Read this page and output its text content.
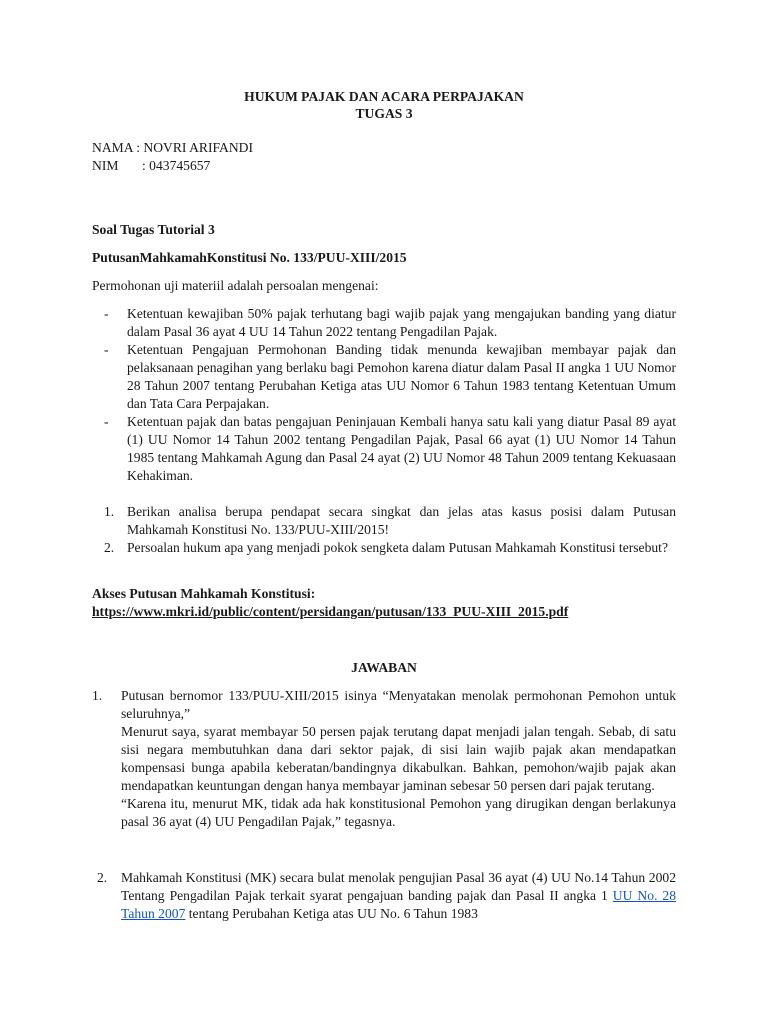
HUKUM PAJAK DAN ACARA PERPAJAKAN
TUGAS 3
NAMA : NOVRI ARIFANDI
NIM : 043745657
Soal Tugas Tutorial 3
PutusanMahkamahKonstitusi No. 133/PUU-XIII/2015
Permohonan uji materiil adalah persoalan mengenai:
- Ketentuan kewajiban 50% pajak terhutang bagi wajib pajak yang mengajukan banding yang diatur dalam Pasal 36 ayat 4 UU 14 Tahun 2022 tentang Pengadilan Pajak.

- Ketentuan Pengajuan Permohonan Banding tidak menunda kewajiban membayar pajak dan pelaksanaan penagihan yang berlaku bagi Pemohon karena diatur dalam Pasal II angka 1 UU Nomor 28 Tahun 2007 tentang Perubahan Ketiga atas UU Nomor 6 Tahun 1983 tentang Ketentuan Umum dan Tata Cara Perpajakan.

- Ketentuan pajak dan batas pengajuan Peninjauan Kembali hanya satu kali yang diatur Pasal 89 ayat (1) UU Nomor 14 Tahun 2002 tentang Pengadilan Pajak, Pasal 66 ayat (1) UU Nomor 14 Tahun 1985 tentang Mahkamah Agung dan Pasal 24 ayat (2) UU Nomor 48 Tahun 2009 tentang Kekuasaan Kehakiman.

1. Berikan analisa berupa pendapat secara singkat dan jelas atas kasus posisi dalam Putusan Mahkamah Konstitusi No. 133/PUU-XIII/2015!

2. Persoalan hukum apa yang menjadi pokok sengketa dalam Putusan Mahkamah Konstitusi tersebut?

Akses Putusan Mahkamah Konstitusi:
https://www.mkri.id/public/content/persidangan/putusan/133_PUU-XIII_2015.pdf
JAWABAN
1. Putusan bernomor 133/PUU-XIII/2015 isinya “Menyatakan menolak permohonan Pemohon untuk seluruhnya,”

Menurut saya, syarat membayar 50 persen pajak terutang dapat menjadi jalan tengah. Sebab, di satu sisi negara membutuhkan dana dari sektor pajak, di sisi lain wajib pajak akan mendapatkan kompensasi bunga apabila keberatan/bandingnya dikabulkan. Bahkan, pemohon/wajib pajak akan mendapatkan keuntungan dengan hanya membayar jaminan sebesar 50 persen dari pajak terutang.

“Karena itu, menurut MK, tidak ada hak konstitusional Pemohon yang dirugikan dengan berlakunya pasal 36 ayat (4) UU Pengadilan Pajak,” tegasnya.

2. Mahkamah Konstitusi (MK) secara bulat menolak pengujian Pasal 36 ayat (4) UU No.14 Tahun 2002 Tentang Pengadilan Pajak terkait syarat pengajuan banding pajak dan Pasal II angka 1 UU No. 28 Tahun 2007 tentang Perubahan Ketiga atas UU No. 6 Tahun 1983
